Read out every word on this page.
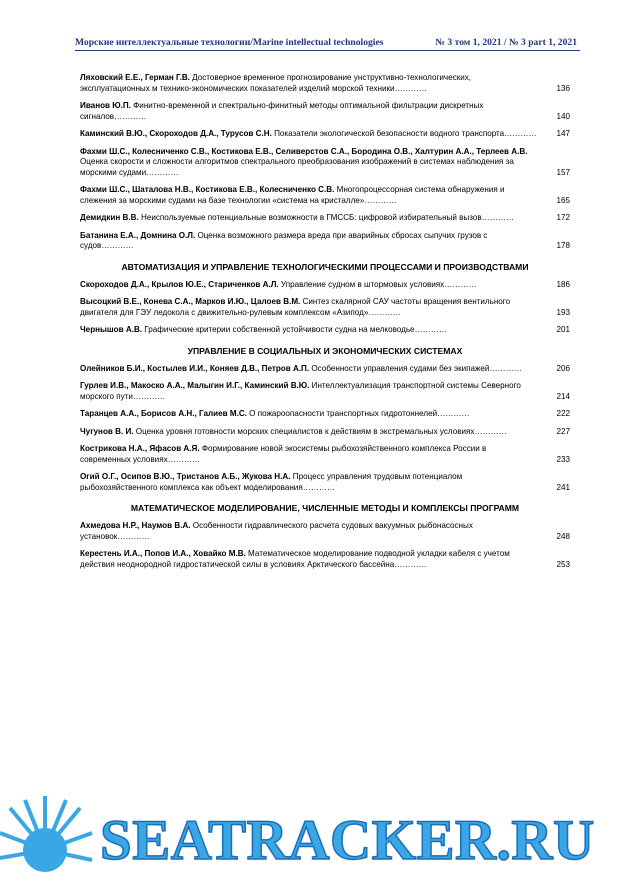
Морские интеллектуальные технологии/Marine intellectual technologies	№ 3 том 1, 2021 / № 3 part 1, 2021
Ляховский Е.Е., Герман Г.В. Достоверное временное прогнозирование унструктивно-технологических, эксплуатационных м технико-экономических показателей изделий морской техники…………	136
Иванов Ю.П. Финитно-временной и спектрально-финитный методы оптимальной фильтрации дискретных сигналов…………	140
Каминский В.Ю., Скороходов Д.А., Турусов С.Н. Показатели экологической безопасности водного транспорта…………	147
Фахми Ш.С., Колесниченко С.В., Костикова Е.В., Селиверстов С.А., Бородина О.В., Халтурин А.А., Терлеев А.В. Оценка скорости и сложности алгоритмов спектрального преобразования изображений в системах наблюдения за морскими судами…………	157
Фахми Ш.С., Шаталова Н.В., Костикова Е.В., Колесниченко С.В. Многопроцессорная система обнаружения и слежения за морскими судами на базе технологии «система на кристалле»…………	165
Демидкин В.В. Неиспользуемые потенциальные возможности в ГМССБ: цифровой избирательный вызов…………	172
Батанина Е.А., Домнина О.Л. Оценка возможного размера вреда при аварийных сбросах сыпучих грузов с судов…………	178
АВТОМАТИЗАЦИЯ И УПРАВЛЕНИЕ ТЕХНОЛОГИЧЕСКИМИ ПРОЦЕССАМИ И ПРОИЗВОДСТВАМИ
Скороходов Д.А., Крылов Ю.Е., Стариченков А.Л. Управление судном в штормовых условиях…………	186
Высоцкий В.Е., Конева С.А., Марков И.Ю., Цалоев В.М. Синтез скалярной САУ частоты вращения вентильного двигателя для ГЭУ ледокола с движительно-рулевым комплексом «Азипод»…………	193
Чернышов А.В. Графические критерии собственной устойчивости судна на мелководье…………	201
УПРАВЛЕНИЕ В СОЦИАЛЬНЫХ И ЭКОНОМИЧЕСКИХ СИСТЕМАХ
Олейников Б.И., Костылев И.И., Коняев Д.В., Петров А.П. Особенности управления судами без экипажей…………	206
Гурлев И.В., Макоско А.А., Малыгин И.Г., Каминский В.Ю. Интеллектуализация транспортной системы Северного морского пути…………	214
Таранцев А.А., Борисов А.Н., Галиев М.С. О пожароопасности транспортных гидротоннелей…………	222
Чугунов В. И. Оценка уровня готовности морских специалистов к действиям в экстремальных условиях…………	227
Кострикова Н.А., Яфасов А.Я. Формирование новой экосистемы рыбохозяйственного комплекса России в современных условиях…………	233
Огий О.Г., Осипов В.Ю., Тристанов А.Б., Жукова Н.А. Процесс управления трудовым потенциалом рыбохозяйственного комплекса как объект моделирования…………	241
МАТЕМАТИЧЕСКОЕ МОДЕЛИРОВАНИЕ, ЧИСЛЕННЫЕ МЕТОДЫ И КОМПЛЕКСЫ ПРОГРАММ
Ахмедова Н.Р., Наумов В.А. Особенности гидравлического расчета судовых вакуумных рыбонасосных установок…………	248
Керестень И.А., Попов И.А., Ховайко М.В. Математическое моделирование подводной укладки кабеля с учетом действия неоднородной гидростатической силы в условиях Арктического бассейна…………	253
SEATRACKER.RU
